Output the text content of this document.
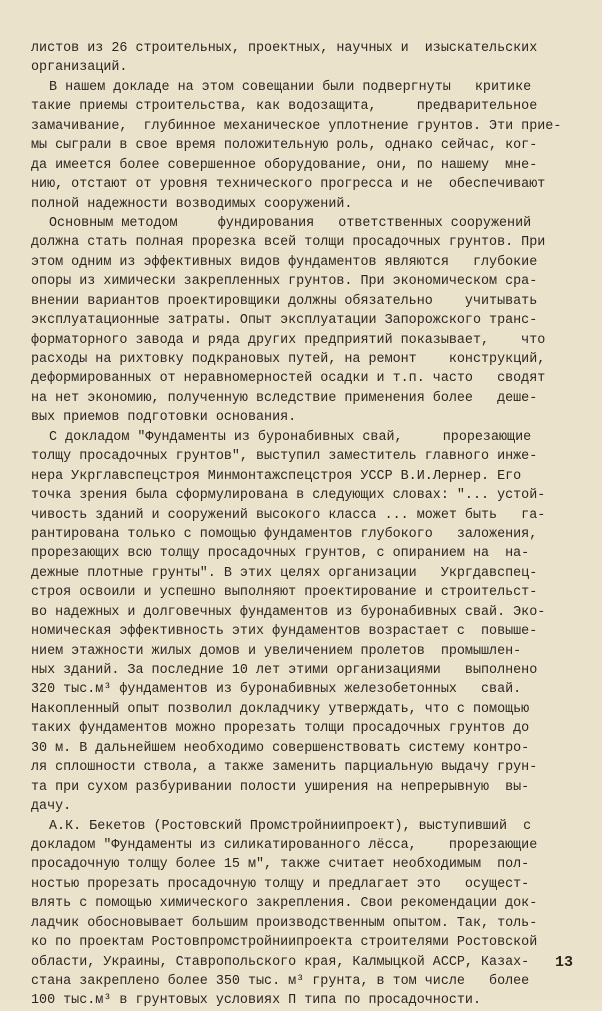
листов из 26 строительных, проектных, научных и  изыскательских
организаций.
В нашем докладе на этом совещании были подвергнуты   критике
такие приемы строительства, как водозащита,     предварительное
замачивание,  глубинное механическое уплотнение грунтов. Эти прие-
мы сыграли в свое время положительную роль, однако сейчас, ког-
да имеется более совершенное оборудование, они, по нашему  мне-
нию, отстают от уровня технического прогресса и не  обеспечивают
полной надежности возводимых сооружений.
Основным методом     фундирования   ответственных сооружений
должна стать полная прорезка всей толщи просадочных грунтов. При
этом одним из эффективных видов фундаментов являются   глубокие
опоры из химически закрепленных грунтов. При экономическом сра-
внении вариантов проектировщики должны обязательно    учитывать
эксплуатационные затраты. Опыт эксплуатации Запорожского транс-
форматорного завода и ряда других предприятий показывает,    что
расходы на рихтовку подкрановых путей, на ремонт    конструкций,
деформированных от неравномерностей осадки и т.п. часто   сводят
на нет экономию, полученную вследствие применения более   деше-
вых приемов подготовки основания.
С докладом "Фундаменты из буронабивных свай,     прорезающие
толщу просадочных грунтов", выступил заместитель главного инже-
нера Укрглавспецстроя Минмонтажспецстроя УССР В.И.Лернер. Его
точка зрения была сформулирована в следующих словах: "... устой-
чивость зданий и сооружений высокого класса ... может быть   га-
рантирована только с помощью фундаментов глубокого   заложения,
прорезающих всю толщу просадочных грунтов, с опиранием на  на-
дежные плотные грунты". В этих целях организации   Укргдавспец-
строя освоили и успешно выполняют проектирование и строительст-
во надежных и долговечных фундаментов из буронабивных свай. Эко-
номическая эффективность этих фундаментов возрастает с  повыше-
нием этажности жилых домов и увеличением пролетов  промышлен-
ных зданий. За последние 10 лет этими организациями   выполнено
320 тыс.м³ фундаментов из буронабивных железобетонных   свай.
Накопленный опыт позволил докладчику утверждать, что с помощью
таких фундаментов можно прорезать толщи просадочных грунтов до
30 м. В дальнейшем необходимо совершенствовать систему контро-
ля сплошности ствола, а также заменить парциальную выдачу грун-
та при сухом разбуривании полости уширения на непрерывную  вы-
дачу.
А.К. Бекетов (Ростовский Промстройниипроект), выступивший  с
докладом "Фундаменты из силикатированного лёсса,    прорезающие
просадочную толщу более 15 м", также считает необходимым  пол-
ностью прорезать просадочную толщу и предлагает это   осущест-
влять с помощью химического закрепления. Свои рекомендации док-
ладчик обосновывает большим производственным опытом. Так, толь-
ко по проектам Ростовпромстройниипроекта строителями Ростовской
области, Украины, Ставропольского края, Калмыцкой АССР, Казах-
стана закреплено более 350 тыс. м³ грунта, в том числе   более
100 тыс.м³ в грунтовых условиях П типа по просадочности.
13
